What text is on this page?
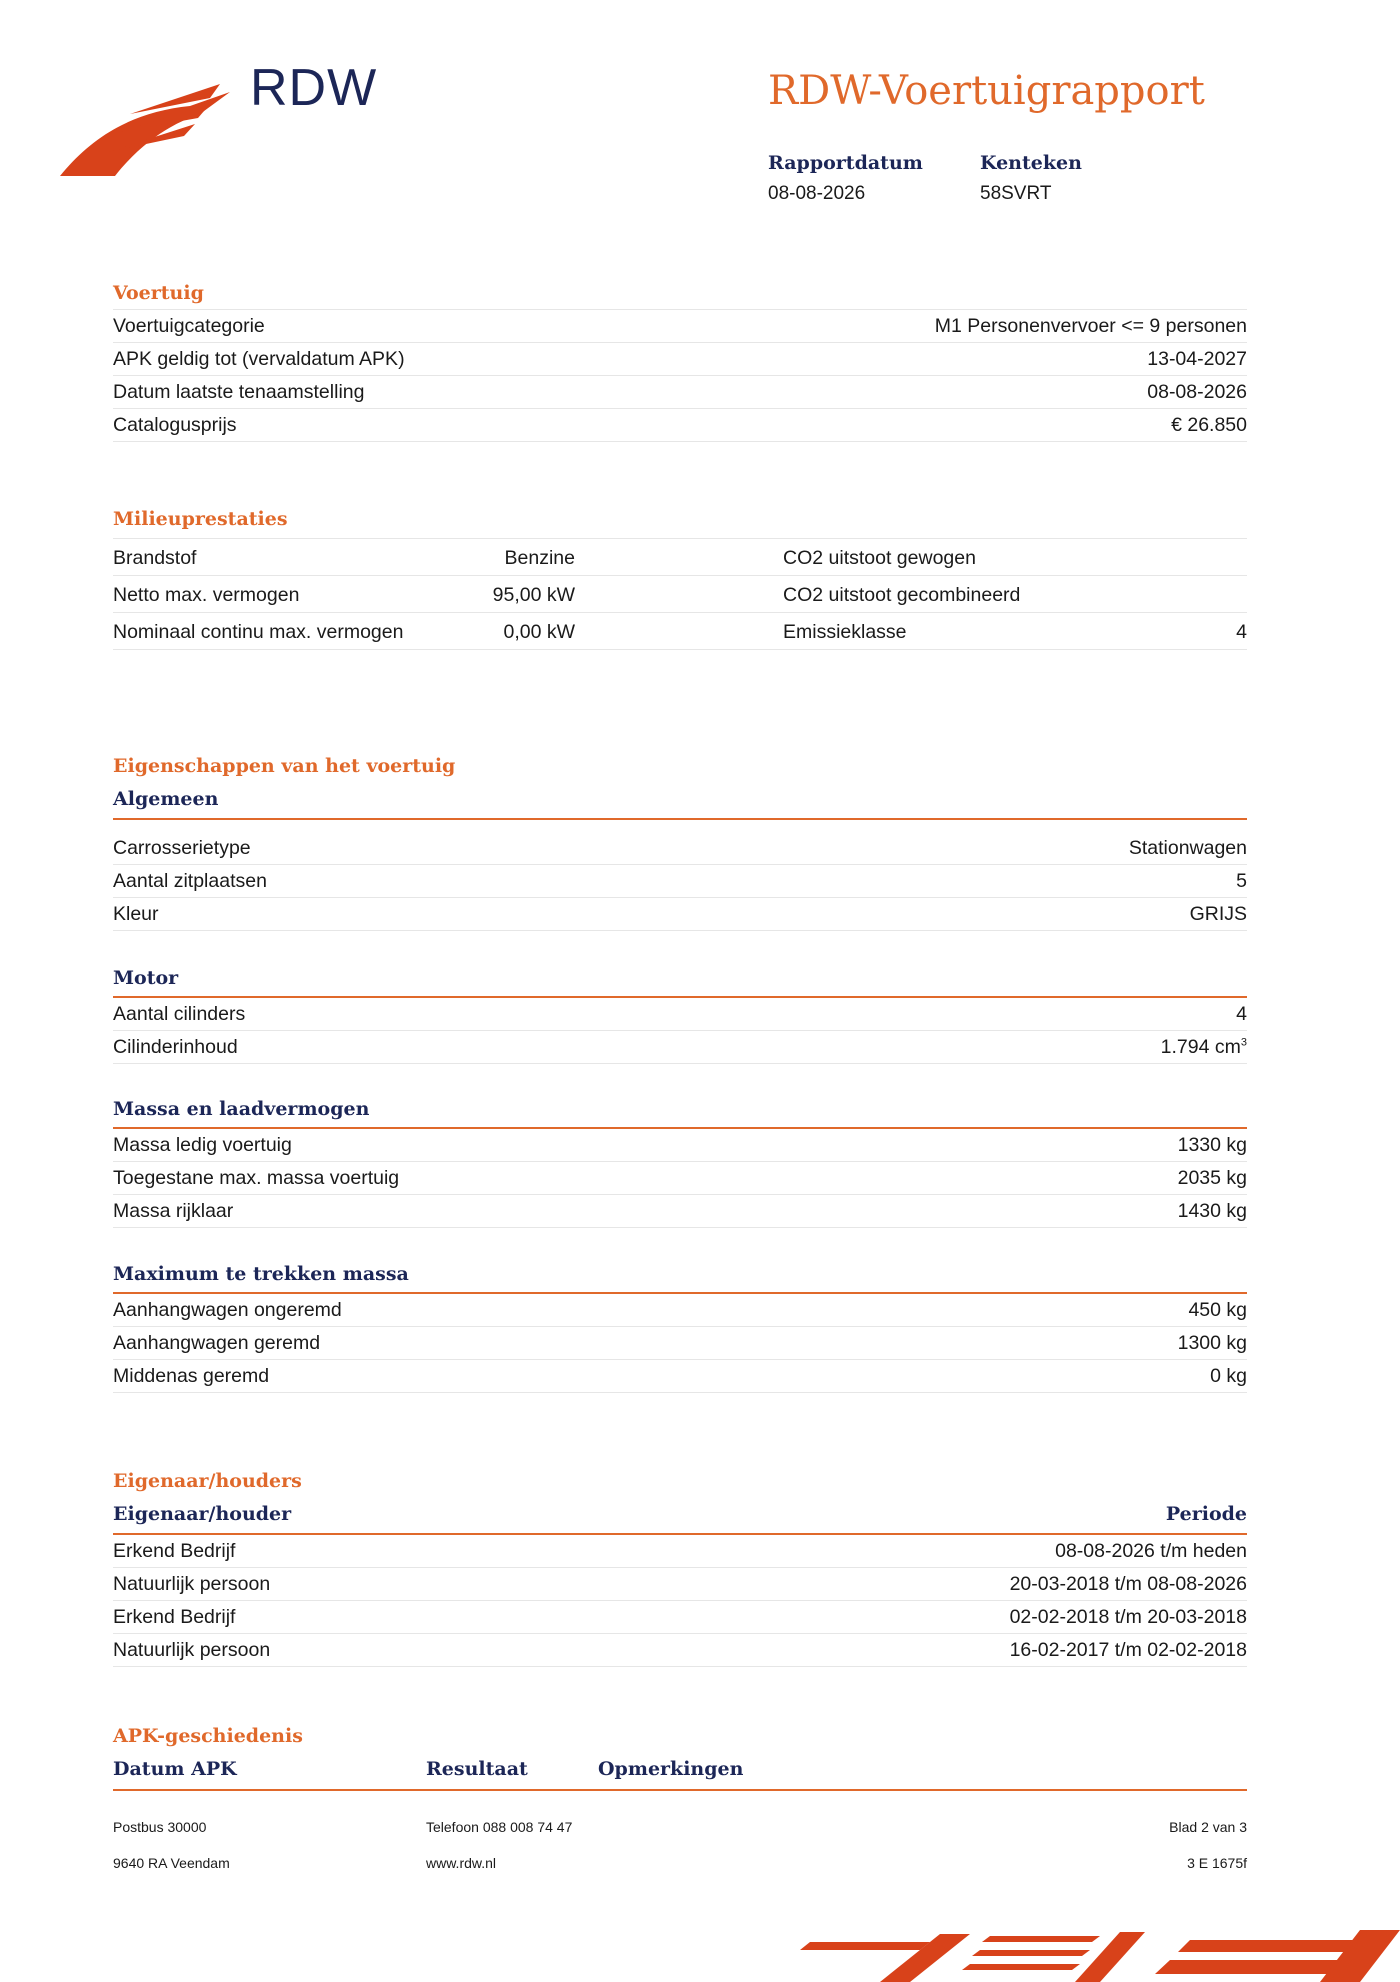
RDW	RDW-Voertuigrapport
Rapportdatum
08-08-2026
Kenteken
58SVRT
Voertuig
Voertuigcategorie	M1 Personenvervoer <= 9 personen
APK geldig tot (vervaldatum APK)	13-04-2027
Datum laatste tenaamstelling	08-08-2026
Catalogusprijs	€ 26.850
Milieuprestaties
Brandstof	Benzine	CO2 uitstoot gewogen
Netto max. vermogen	95,00 kW	CO2 uitstoot gecombineerd
Nominaal continu max. vermogen	0,00 kW	Emissieklasse	4
Eigenschappen van het voertuig
Algemeen
Carrosserietype	Stationwagen
Aantal zitplaatsen	5
Kleur	GRIJS
Motor
Aantal cilinders	4
Cilinderinhoud	1.794 $cm^3$
Massa en laadvermogen
Massa ledig voertuig	1330 kg
Toegestane max. massa voertuig	2035 kg
Massa rijklaar	1430 kg
Maximum te trekken massa
Aanhangwagen ongeremd	450 kg
Aanhangwagen geremd	1300 kg
Middenas geremd	0 kg
Eigenaar/houders
Eigenaar/houder	Periode
Erkend Bedrijf	08-08-2026 t/m heden
Natuurlijk persoon	20-03-2018 t/m 08-08-2026
Erkend Bedrijf	02-02-2018 t/m 20-03-2018
Natuurlijk persoon	16-02-2017 t/m 02-02-2018
APK-geschiedenis
Datum APK	Resultaat	Opmerkingen
Postbus 30000
9640 RA Veendam
Telefoon 088 008 74 47
www.rdw.nl
Blad 2 van 3
3 E 1675f
